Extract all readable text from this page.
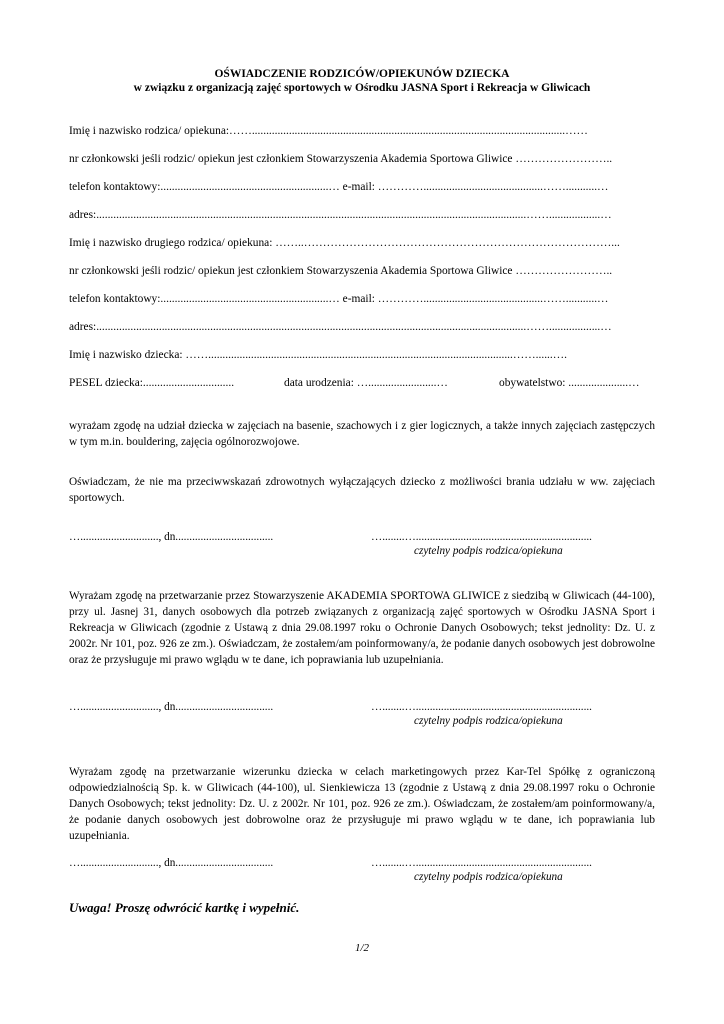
OŚWIADCZENIE RODZICÓW/OPIEKUNÓW DZIECKA
w związku z organizacją zajęć sportowych w Ośrodku JASNA Sport i Rekreacja w Gliwicach
Imię i nazwisko rodzica/ opiekuna:……..............................................................................................................……
nr członkowski jeśli rodzic/ opiekun jest członkiem Stowarzyszenia Akademia Sportowa Gliwice ……………………..
telefon kontaktowy:...........................................................… e-mail: …………..........................................……...........…
adres:.......................................................................................................................................................……..................…
Imię i nazwisko drugiego rodzica/ opiekuna: ……..………………………………………………………………………...
nr członkowski jeśli rodzic/ opiekun jest członkiem Stowarzyszenia Akademia Sportowa Gliwice ……………………..
telefon kontaktowy:...........................................................… e-mail: …………..........................................……...........…
adres:.......................................................................................................................................................……..................…
Imię i nazwisko dziecka: ……...........................................................................................................……......….
PESEL dziecka:................................	data urodzenia: …........................…	obywatelstwo: .....................…
wyrażam zgodę na udział dziecka w zajęciach na basenie, szachowych i z gier logicznych, a także innych zajęciach zastępczych w tym m.in. bouldering, zajęcia ogólnorozwojowe.
Oświadczam, że nie ma przeciwwskazań zdrowotnych wyłączających dziecko z możliwości brania udziału w ww. zajęciach sportowych.
…............................, dn...................................	…........…...............................................................
czytelny podpis rodzica/opiekuna
Wyrażam zgodę na przetwarzanie przez Stowarzyszenie AKADEMIA SPORTOWA GLIWICE z siedzibą w Gliwicach (44-100), przy ul. Jasnej 31, danych osobowych dla potrzeb związanych z organizacją zajęć sportowych w Ośrodku JASNA Sport i Rekreacja w Gliwicach (zgodnie z Ustawą z dnia 29.08.1997 roku o Ochronie Danych Osobowych; tekst jednolity: Dz. U. z 2002r. Nr 101, poz. 926 ze zm.). Oświadczam, że zostałem/am poinformowany/a, że podanie danych osobowych jest dobrowolne oraz że przysługuje mi prawo wglądu w te dane, ich poprawiania lub uzupełniania.
…............................, dn...................................	…........…...............................................................
czytelny podpis rodzica/opiekuna
Wyrażam zgodę na przetwarzanie wizerunku dziecka w celach marketingowych przez Kar-Tel Spółkę z ograniczoną odpowiedzialnością Sp. k. w Gliwicach (44-100), ul. Sienkiewicza 13 (zgodnie z Ustawą z dnia 29.08.1997 roku o Ochronie Danych Osobowych; tekst jednolity: Dz. U. z 2002r. Nr 101, poz. 926 ze zm.). Oświadczam, że zostałem/am poinformowany/a, że podanie danych osobowych jest dobrowolne oraz że przysługuje mi prawo wglądu w te dane, ich poprawiania lub uzupełniania.
…............................, dn...................................	…........…...............................................................
czytelny podpis rodzica/opiekuna
Uwaga! Proszę odwrócić kartkę i wypełnić.
1/2
